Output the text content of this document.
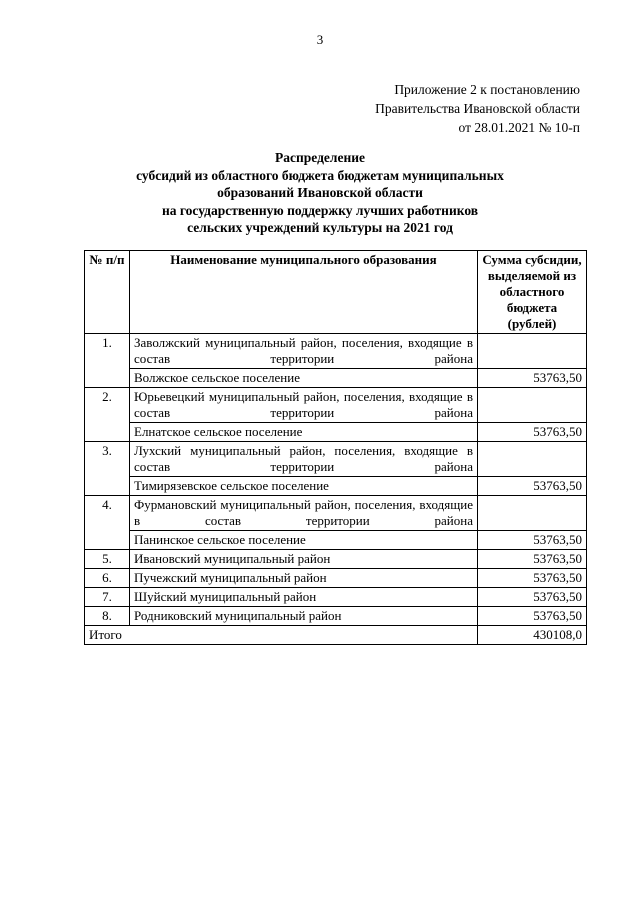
3
Приложение 2 к постановлению
Правительства Ивановской области
от 28.01.2021 № 10-п
Распределение
субсидий из областного бюджета бюджетам муниципальных
образований Ивановской области
на государственную поддержку лучших работников
сельских учреждений культуры на 2021 год
№ п/п	Наименование муниципального образования	Сумма субсидии, выделяемой из областного бюджета (рублей)
1.	Заволжский муниципальный район, поселения, входящие в состав территории района	
	Волжское сельское поселение	53763,50
2.	Юрьевецкий муниципальный район, поселения, входящие в состав территории района	
	Елнатское сельское поселение	53763,50
3.	Лухский муниципальный район, поселения, входящие в состав территории района	
	Тимирязевское сельское поселение	53763,50
4.	Фурмановский муниципальный район, поселения, входящие в состав территории района	
	Панинское сельское поселение	53763,50
5.	Ивановский муниципальный район	53763,50
6.	Пучежский муниципальный район	53763,50
7.	Шуйский муниципальный район	53763,50
8.	Родниковский муниципальный район	53763,50
Итого		430108,0
